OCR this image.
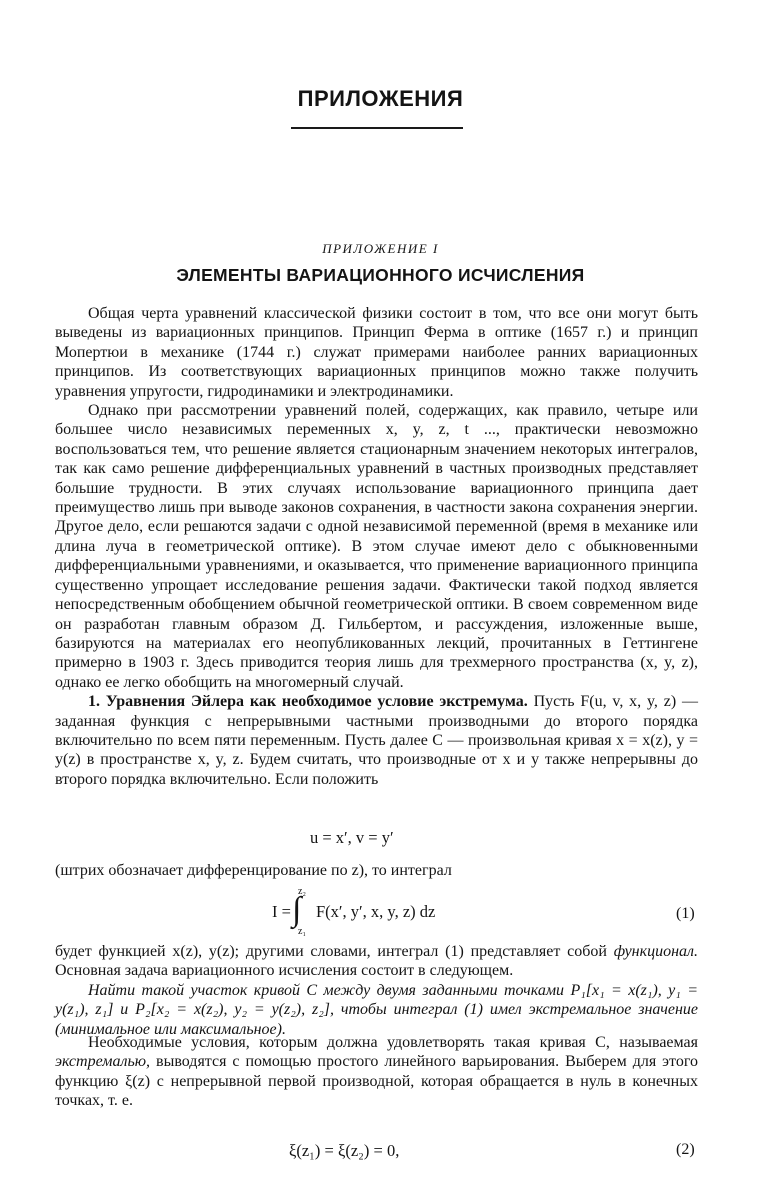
ПРИЛОЖЕНИЯ
ПРИЛОЖЕНИЕ I
ЭЛЕМЕНТЫ ВАРИАЦИОННОГО ИСЧИСЛЕНИЯ

Общая черта уравнений классической физики состоит в том, что все они могут быть выведены из вариационных принципов. Принцип Ферма в оптике (1657 г.) и принцип Мопертюи в механике (1744 г.) служат примерами наиболее ранних вариационных принципов. Из соответствующих вариационных принципов можно также получить уравнения упругости, гидродинамики и электродинамики.

Однако при рассмотрении уравнений полей, содержащих, как правило, четыре или большее число независимых переменных x, y, z, t ..., практически невозможно воспользоваться тем, что решение является стационарным значением некоторых интегралов, так как само решение дифференциальных уравнений в частных производных представляет большие трудности. В этих случаях использование вариационного принципа дает преимущество лишь при выводе законов сохранения, в частности закона сохранения энергии. Другое дело, если решаются задачи с одной независимой переменной (время в механике или длина луча в геометрической оптике). В этом случае имеют дело с обыкновенными дифференциальными уравнениями, и оказывается, что применение вариационного принципа существенно упрощает исследование решения задачи. Фактически такой подход является непосредственным обобщением обычной геометрической оптики. В своем современном виде он разработан главным образом Д. Гильбертом, и рассуждения, изложенные выше, базируются на материалах его неопубликованных лекций, прочитанных в Геттингене примерно в 1903 г. Здесь приводится теория лишь для трехмерного пространства (x, y, z), однако ее легко обобщить на многомерный случай.

1. Уравнения Эйлера как необходимое условие экстремума. Пусть F(u, v, x, y, z) — заданная функция с непрерывными частными производными до второго порядка включительно по всем пяти переменным. Пусть далее C — произвольная кривая x = x(z), y = y(z) в пространстве x, y, z. Будем считать, что производные от x и y также непрерывны до второго порядка включительно. Если положить

u = x′, v = y′
(штрих обозначает дифференцирование по z), то интеграл
I =
z₂
∫
z₁
F(x′, y′, x, y, z) dz	(1)

будет функцией x(z), y(z); другими словами, интеграл (1) представляет собой функционал. Основная задача вариационного исчисления состоит в следующем.

Найти такой участок кривой C между двумя заданными точками P₁[x₁ = x(z₁), y₁ = y(z₁), z₁] и P₂[x₂ = x(z₂), y₂ = y(z₂), z₂], чтобы интеграл (1) имел экстремальное значение (минимальное или максимальное).

Необходимые условия, которым должна удовлетворять такая кривая C, называемая экстремалью, выводятся с помощью простого линейного варьирования. Выберем для этого функцию ξ(z) с непрерывной первой производной, которая обращается в нуль в конечных точках, т. е.

ξ(z₁) = ξ(z₂) = 0,	(2)
